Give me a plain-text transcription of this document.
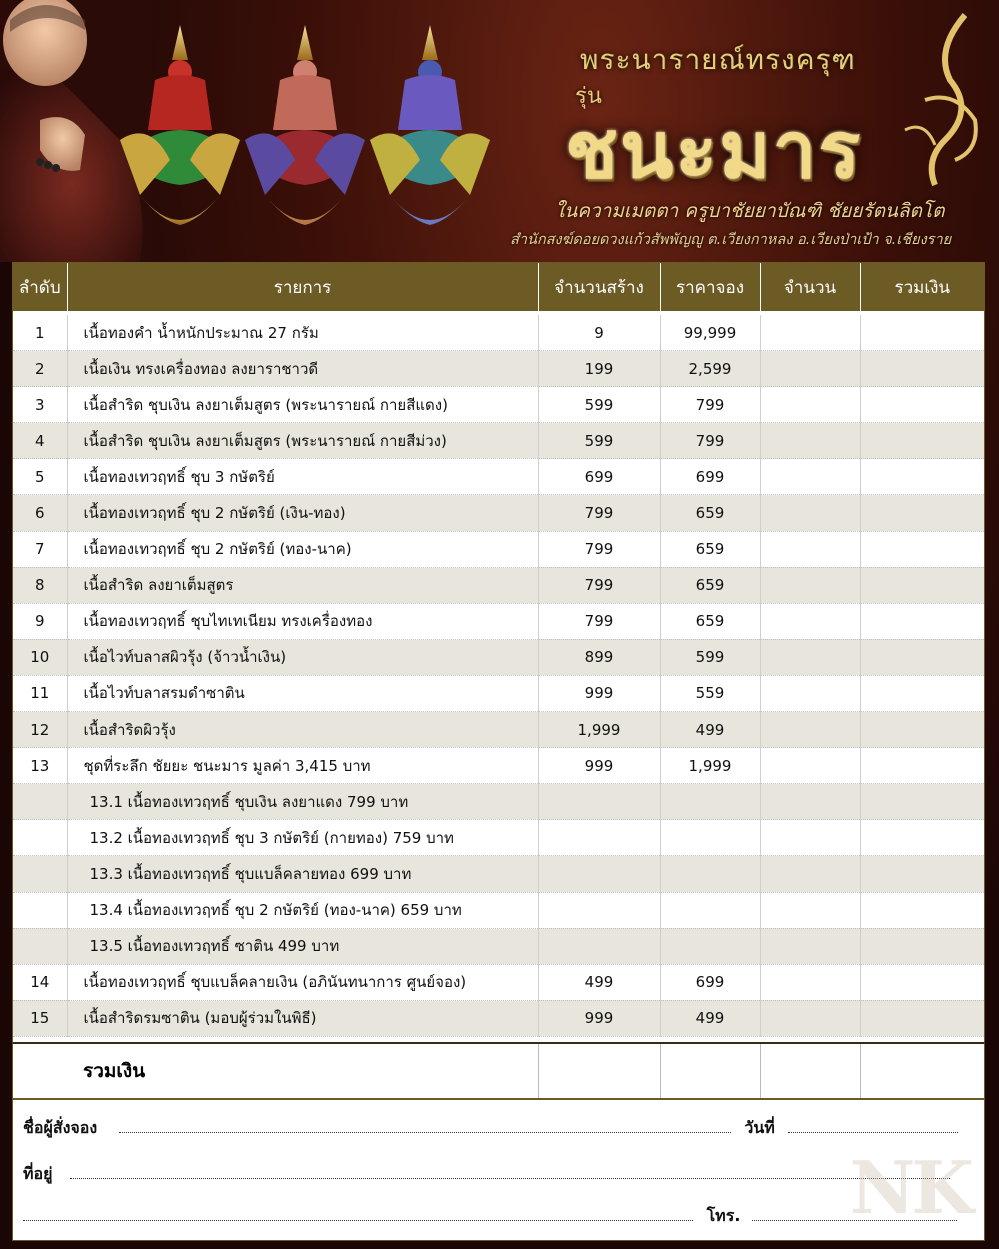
พระนารายณ์ทรงครุฑ
รุ่น
ชนะมาร
ในความเมตตา ครูบาชัยยาบัณฑิ ชัยยรัตนลิตโต
สำนักสงฆ์ดอยดวงแก้วสัพพัญญู ต.เวียงกาหลง อ.เวียงป่าเป้า จ.เชียงราย
ลำดับ	รายการ	จำนวนสร้าง	ราคาจอง	จำนวน	รวมเงิน
1	เนื้อทองคำ น้ำหนักประมาณ 27 กรัม	9	99,999		
2	เนื้อเงิน ทรงเครื่องทอง ลงยาราชาวดี	199	2,599		
3	เนื้อสำริด ชุบเงิน ลงยาเต็มสูตร (พระนารายณ์ กายสีแดง)	599	799		
4	เนื้อสำริด ชุบเงิน ลงยาเต็มสูตร (พระนารายณ์ กายสีม่วง)	599	799		
5	เนื้อทองเทวฤทธิ์ ชุบ 3 กษัตริย์	699	699		
6	เนื้อทองเทวฤทธิ์ ชุบ 2 กษัตริย์ (เงิน-ทอง)	799	659		
7	เนื้อทองเทวฤทธิ์ ชุบ 2 กษัตริย์ (ทอง-นาค)	799	659		
8	เนื้อสำริด ลงยาเต็มสูตร	799	659		
9	เนื้อทองเทวฤทธิ์ ชุบไทเทเนียม ทรงเครื่องทอง	799	659		
10	เนื้อไวท์บลาสผิวรุ้ง (จ้าวน้ำเงิน)	899	599		
11	เนื้อไวท์บลาสรมดำซาติน	999	559		
12	เนื้อสำริดผิวรุ้ง	1,999	499		
13	ชุดที่ระลึก ชัยยะ ชนะมาร มูลค่า 3,415 บาท	999	1,999		
	13.1 เนื้อทองเทวฤทธิ์ ชุบเงิน ลงยาแดง 799 บาท				
	13.2 เนื้อทองเทวฤทธิ์ ชุบ 3 กษัตริย์ (กายทอง) 759 บาท				
	13.3 เนื้อทองเทวฤทธิ์ ชุบแบล็คลายทอง 699 บาท				
	13.4 เนื้อทองเทวฤทธิ์ ชุบ 2 กษัตริย์ (ทอง-นาค) 659 บาท				
	13.5 เนื้อทองเทวฤทธิ์ ซาติน 499 บาท				
14	เนื้อทองเทวฤทธิ์ ชุบแบล็คลายเงิน (อภินันทนาการ ศูนย์จอง)	499	699		
15	เนื้อสำริดรมซาติน (มอบผู้ร่วมในพิธี)	999	499		
รวมเงิน				
ชื่อผู้สั่งจอง	วันที่
ที่อยู่
โทร.	NK
